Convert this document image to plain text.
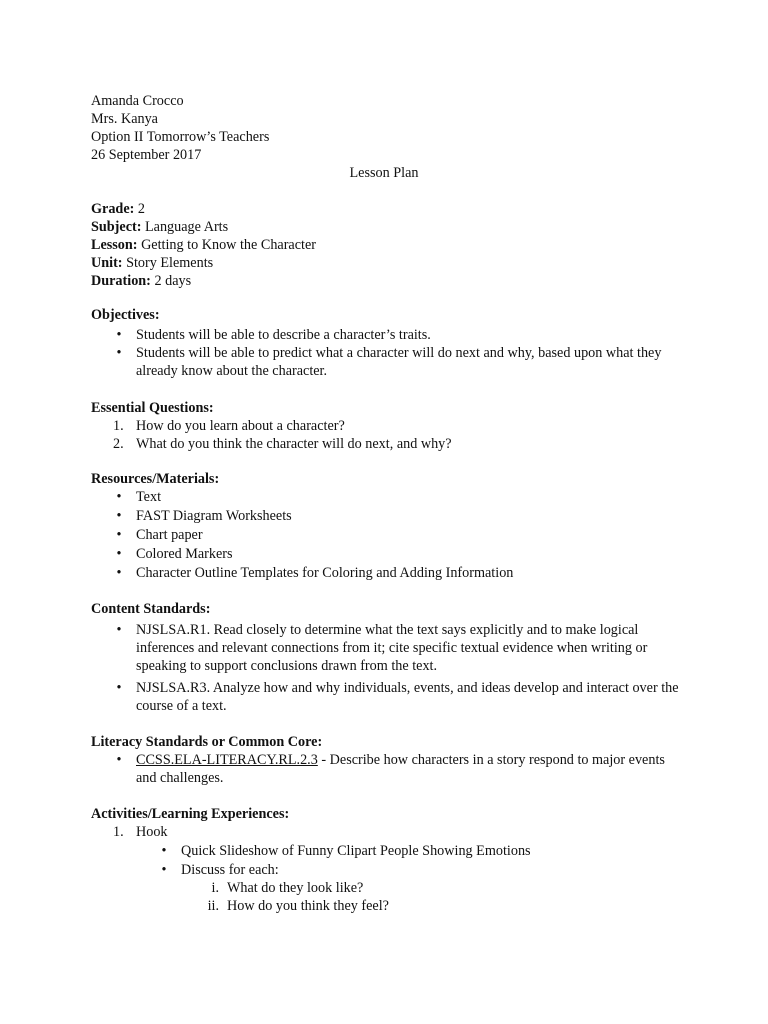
Amanda Crocco
Mrs. Kanya
Option II Tomorrow’s Teachers
26 September 2017
Lesson Plan
Grade: 2
Subject: Language Arts
Lesson: Getting to Know the Character
Unit: Story Elements
Duration: 2 days
Objectives:
• Students will be able to describe a character’s traits.
• Students will be able to predict what a character will do next and why, based upon what they already know about the character.
Essential Questions:
1. How do you learn about a character?
2. What do you think the character will do next, and why?
Resources/Materials:
• Text
• FAST Diagram Worksheets
• Chart paper
• Colored Markers
• Character Outline Templates for Coloring and Adding Information
Content Standards:
• NJSLSA.R1. Read closely to determine what the text says explicitly and to make logical inferences and relevant connections from it; cite specific textual evidence when writing or speaking to support conclusions drawn from the text.
• NJSLSA.R3. Analyze how and why individuals, events, and ideas develop and interact over the course of a text.
Literacy Standards or Common Core:
• CCSS.ELA-LITERACY.RL.2.3 - Describe how characters in a story respond to major events and challenges.
Activities/Learning Experiences:
1. Hook
• Quick Slideshow of Funny Clipart People Showing Emotions
• Discuss for each:
i. What do they look like?
ii. How do you think they feel?
